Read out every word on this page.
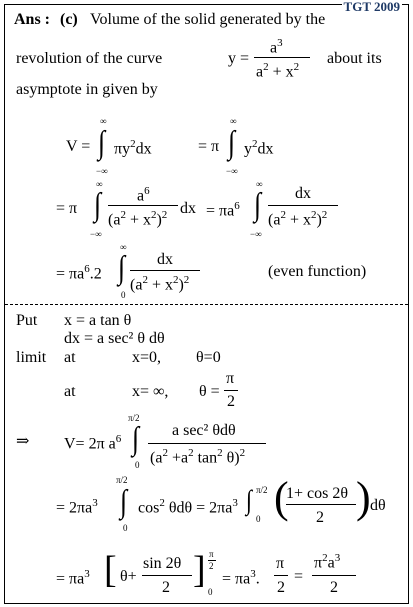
TGT 2009
Ans : (c) Volume of the solid generated by the
revolution of the curve	y =
$a^3$
$a^2 + x^2$ about its
asymptote in given by
V =
∞
∫
−∞
$\pi y^2dx$	= π
∞
∫
−∞
$y^2dx$
= π
∞
∫
−∞
$a^6$
$(a^2 + x^2)^2$ dx = $\pi a^6$
∞
∫
−∞
dx
$(a^2 + x^2)^2$
= $\pi a^6.2$
∞
∫
0
dx
$(a^2 + x^2)^2$	(even function)
Put x = a tan θ
dx = a sec² θ dθ
limit at	x=0, θ=0
at	x= ∞, θ =
π
2
⇒ V= 2π $a^6$
π/2
∫
0
a sec² θdθ
($a^2 +a^2$ $\tan^2 \theta)^2$
= $2\pi a^3$
π/2
∫
0
$\cos^2 \theta d\theta = 2\pi a^3$ ∫ π/2
0 (
1+ cos 2θ
2 ) dθ
= $\pi a^3$ [ θ+
sin 2θ
2 ] π
2
0
= $\pi a^3$.
π
2
=
$\pi^2a^3$
2
